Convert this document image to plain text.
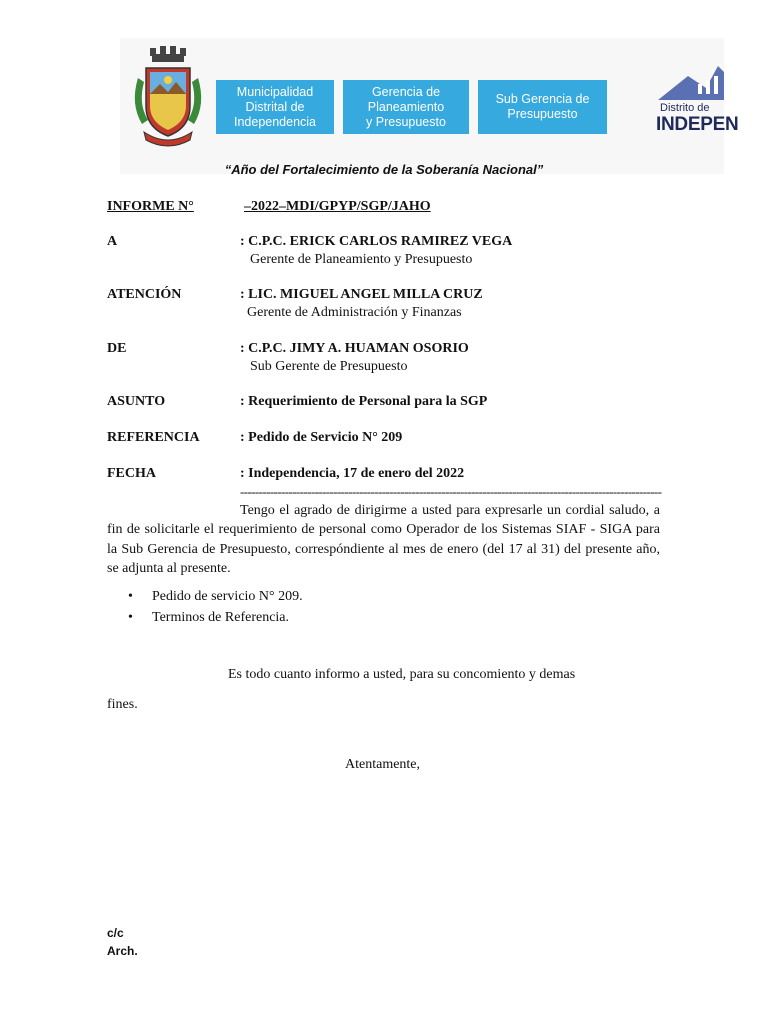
Municipalidad
Distrital de
Independencia
Gerencia de
Planeamiento
y Presupuesto
Sub Gerencia de
Presupuesto	Distrito de
INDEPEN
“Año del Fortalecimiento de la Soberanía Nacional”
INFORME N°	–2022–MDI/GPYP/SGP/JAHO
A	: C.P.C. ERICK CARLOS RAMIREZ VEGA
Gerente de Planeamiento y Presupuesto
ATENCIÓN	: LIC. MIGUEL ANGEL MILLA CRUZ
Gerente de Administración y Finanzas
DE	: C.P.C. JIMY A. HUAMAN OSORIO
Sub Gerente de Presupuesto
ASUNTO	: Requerimiento de Personal para la SGP
REFERENCIA	: Pedido de Servicio N° 209
FECHA	: Independencia, 17 de enero del 2022
-----------------------------------------------------------------------------------------------------------------
Tengo el agrado de dirigirme a usted para expresarle un cordial saludo, a fin de solicitarle el requerimiento de personal como Operador de los Sistemas SIAF - SIGA para la Sub Gerencia de Presupuesto, correspóndiente al mes de enero (del 17 al 31) del presente año, se adjunta al presente.
• Pedido de servicio N° 209.
• Terminos de Referencia.
Es todo cuanto informo a usted, para su concomiento y demas
fines.
Atentamente,
c/c
Arch.
